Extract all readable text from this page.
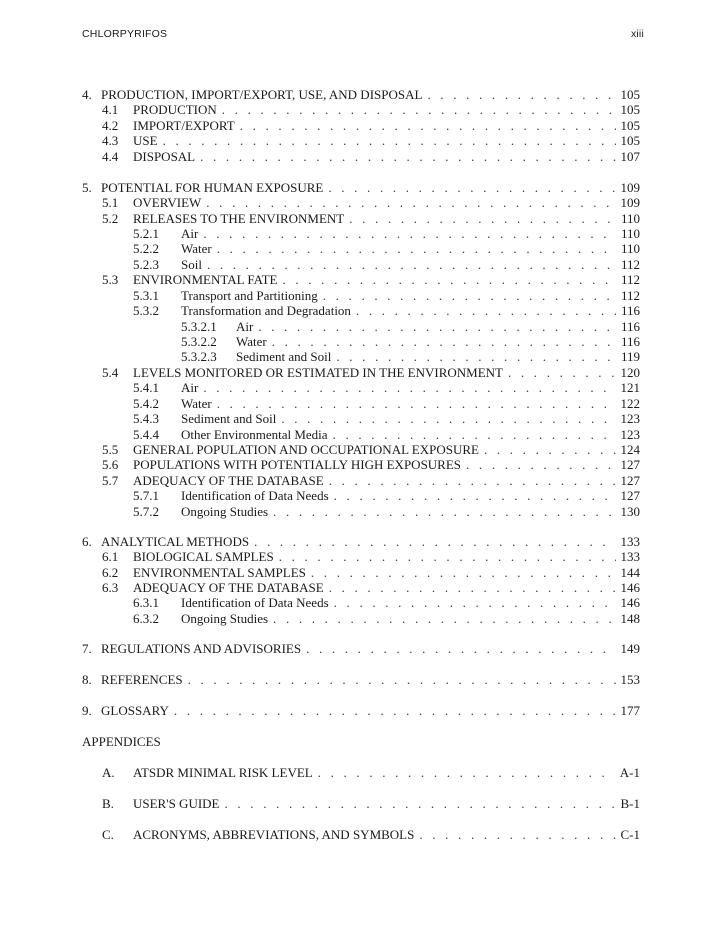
CHLORPYRIFOS	xiii
APPENDICES
4. PRODUCTION, IMPORT/EXPORT, USE, AND DISPOSAL . . .	105
4.1 PRODUCTION . . .	105
4.2 IMPORT/EXPORT . . .	105
4.3 USE . . .	105
4.4 DISPOSAL . . .	107
5. POTENTIAL FOR HUMAN EXPOSURE . . .	109
5.1 OVERVIEW . . .	109
5.2 RELEASES TO THE ENVIRONMENT . . .	110
5.2.1 Air . . .	110
5.2.2 Water . . .	110
5.2.3 Soil . . .	112
5.3 ENVIRONMENTAL FATE . . .	112
5.3.1 Transport and Partitioning . . .	112
5.3.2 Transformation and Degradation . . .	116
5.3.2.1 Air . . .	116
5.3.2.2 Water . . .	116
5.3.2.3 Sediment and Soil . . .	119
5.4 LEVELS MONITORED OR ESTIMATED IN THE ENVIRONMENT . . .	120
5.4.1 Air . . .	121
5.4.2 Water . . .	122
5.4.3 Sediment and Soil . . .	123
5.4.4 Other Environmental Media . . .	123
5.5 GENERAL POPULATION AND OCCUPATIONAL EXPOSURE . . .	124
5.6 POPULATIONS WITH POTENTIALLY HIGH EXPOSURES . . .	127
5.7 ADEQUACY OF THE DATABASE . . .	127
5.7.1 Identification of Data Needs . . .	127
5.7.2 Ongoing Studies . . .	130
6. ANALYTICAL METHODS . . .	133
6.1 BIOLOGICAL SAMPLES . . .	133
6.2 ENVIRONMENTAL SAMPLES . . .	144
6.3 ADEQUACY OF THE DATABASE . . .	146
6.3.1 Identification of Data Needs . . .	146
6.3.2 Ongoing Studies . . .	148
7. REGULATIONS AND ADVISORIES . . .	149
8. REFERENCES . . .	153
9. GLOSSARY . . .	177
A. ATSDR MINIMAL RISK LEVEL . . .	A-1
B. USER'S GUIDE . . .	B-1
C. ACRONYMS, ABBREVIATIONS, AND SYMBOLS . . .	C-1
